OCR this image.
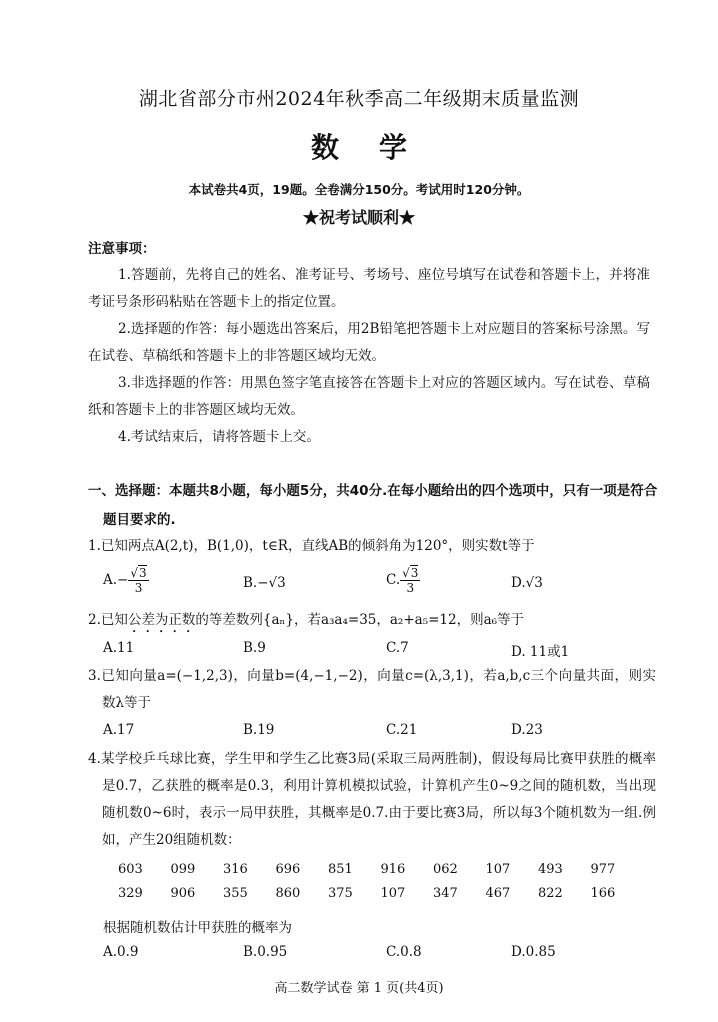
湖北省部分市州2024年秋季高二年级期末质量监测
数学
本试卷共4页，19题。全卷满分150分。考试用时120分钟。
★祝考试顺利★
注意事项：
1.答题前，先将自己的姓名、准考证号、考场号、座位号填写在试卷和答题卡上，并将准考证号条形码粘贴在答题卡上的指定位置。
2.选择题的作答：每小题选出答案后，用2B铅笔把答题卡上对应题目的答案标号涂黑。写在试卷、草稿纸和答题卡上的非答题区域均无效。
3.非选择题的作答：用黑色签字笔直接答在答题卡上对应的答题区域内。写在试卷、草稿纸和答题卡上的非答题区域均无效。
4.考试结束后，请将答题卡上交。
一、选择题：本题共8小题，每小题5分，共40分.在每小题给出的四个选项中，只有一项是符合题目要求的.
1.已知两点A(2,t)，B(1,0)，t∈R，直线AB的倾斜角为120°，则实数t等于
$A.- \frac{√3}{3}$	B.−√3	C. $\frac{√3}{3}$	D.√3
2.已知公差为正数的等差数列{aₙ}，若a₃a₄=35，a₂+a₅=12，则a₆等于
A.11	B.9	C.7	D. 11或1
3.已知向量a=(−1,2,3)，向量b=(4,−1,−2)，向量c=(λ,3,1)，若a,b,c三个向量共面，则实数λ等于
A.17	B.19	C.21	D.23
4.某学校乒乓球比赛，学生甲和学生乙比赛3局(采取三局两胜制)，假设每局比赛甲获胜的概率是0.7，乙获胜的概率是0.3，利用计算机模拟试验，计算机产生0~9之间的随机数，当出现随机数0~6时，表示一局甲获胜，其概率是0.7.由于要比赛3局，所以每3个随机数为一组.例如，产生20组随机数：
603 099 316 696 851 916 062 107 493 977
329 906 355 860 375 107 347 467 822 166
根据随机数估计甲获胜的概率为
A.0.9	B.0.95	C.0.8	D.0.85
高二数学试卷 第 1 页(共4页)
